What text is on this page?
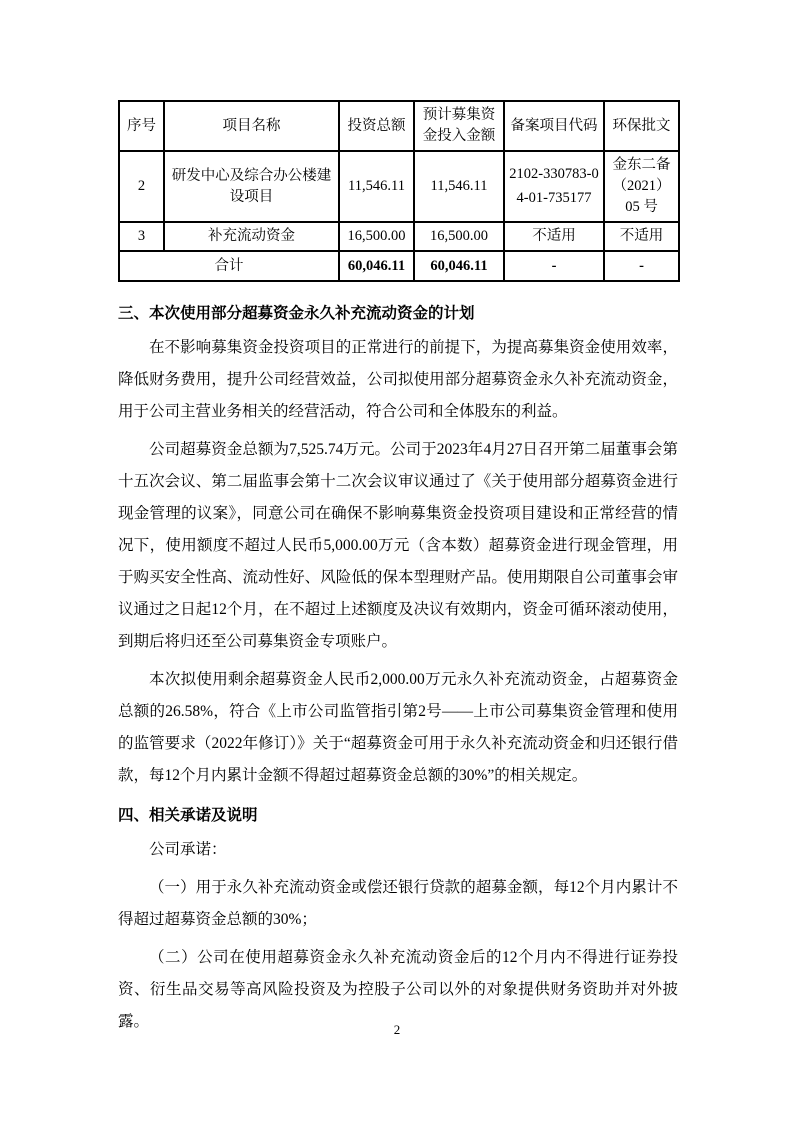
序号	项目名称	投资总额	预计募集资金投入金额	备案项目代码	环保批文
2	研发中心及综合办公楼建设项目	11,546.11	11,546.11	2102-330783-04-01-735177	金东二备（2021）05 号
3	补充流动资金	16,500.00	16,500.00	不适用	不适用
合计		60,046.11	60,046.11	-	-
三、本次使用部分超募资金永久补充流动资金的计划

在不影响募集资金投资项目的正常进行的前提下，为提高募集资金使用效率，降低财务费用，提升公司经营效益，公司拟使用部分超募资金永久补充流动资金，用于公司主营业务相关的经营活动，符合公司和全体股东的利益。

公司超募资金总额为7,525.74万元。公司于2023年4月27日召开第二届董事会第十五次会议、第二届监事会第十二次会议审议通过了《关于使用部分超募资金进行现金管理的议案》，同意公司在确保不影响募集资金投资项目建设和正常经营的情况下，使用额度不超过人民币5,000.00万元（含本数）超募资金进行现金管理，用于购买安全性高、流动性好、风险低的保本型理财产品。使用期限自公司董事会审议通过之日起12个月，在不超过上述额度及决议有效期内，资金可循环滚动使用，到期后将归还至公司募集资金专项账户。

本次拟使用剩余超募资金人民币2,000.00万元永久补充流动资金，占超募资金总额的26.58%，符合《上市公司监管指引第2号——上市公司募集资金管理和使用的监管要求（2022年修订）》关于“超募资金可用于永久补充流动资金和归还银行借款，每12个月内累计金额不得超过超募资金总额的30%”的相关规定。

四、相关承诺及说明

公司承诺：

（一）用于永久补充流动资金或偿还银行贷款的超募金额，每12个月内累计不得超过超募资金总额的30%；

（二）公司在使用超募资金永久补充流动资金后的12个月内不得进行证券投资、衍生品交易等高风险投资及为控股子公司以外的对象提供财务资助并对外披露。	2
